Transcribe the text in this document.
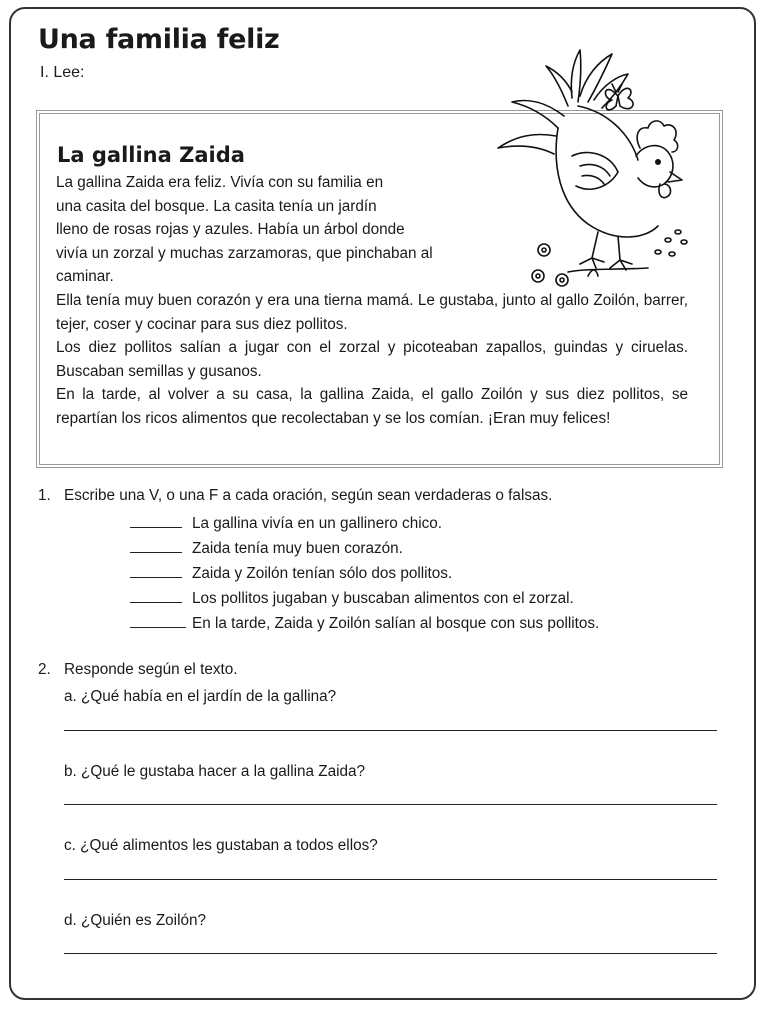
Una familia feliz
I. Lee:
La gallina Zaida

La gallina Zaida era feliz. Vivía con su familia en

una casita del bosque. La casita tenía un jardín

lleno de rosas rojas y azules. Había un árbol donde

vivía un zorzal y muchas zarzamoras, que pinchaban al

caminar.

Ella tenía muy buen corazón y era una tierna mamá. Le gustaba, junto al gallo Zoilón, barrer, tejer, coser y cocinar para sus diez pollitos.

Los diez pollitos salían a jugar con el zorzal y picoteaban zapallos, guindas y ciruelas. Buscaban semillas y gusanos.

En la tarde, al volver a su casa, la gallina Zaida, el gallo Zoilón y sus diez pollitos, se repartían los ricos alimentos que recolectaban y se los comían. ¡Eran muy felices!

1. Escribe una V, o una F a cada oración, según sean verdaderas o falsas.
La gallina vivía en un gallinero chico.
Zaida tenía muy buen corazón.
Zaida y Zoilón tenían sólo dos pollitos.
Los pollitos jugaban y buscaban alimentos con el zorzal.
En la tarde, Zaida y Zoilón salían al bosque con sus pollitos.
2. Responde según el texto.
a. ¿Qué había en el jardín de la gallina?
b. ¿Qué le gustaba hacer a la gallina Zaida?
c. ¿Qué alimentos les gustaban a todos ellos?
d. ¿Quién es Zoilón?
